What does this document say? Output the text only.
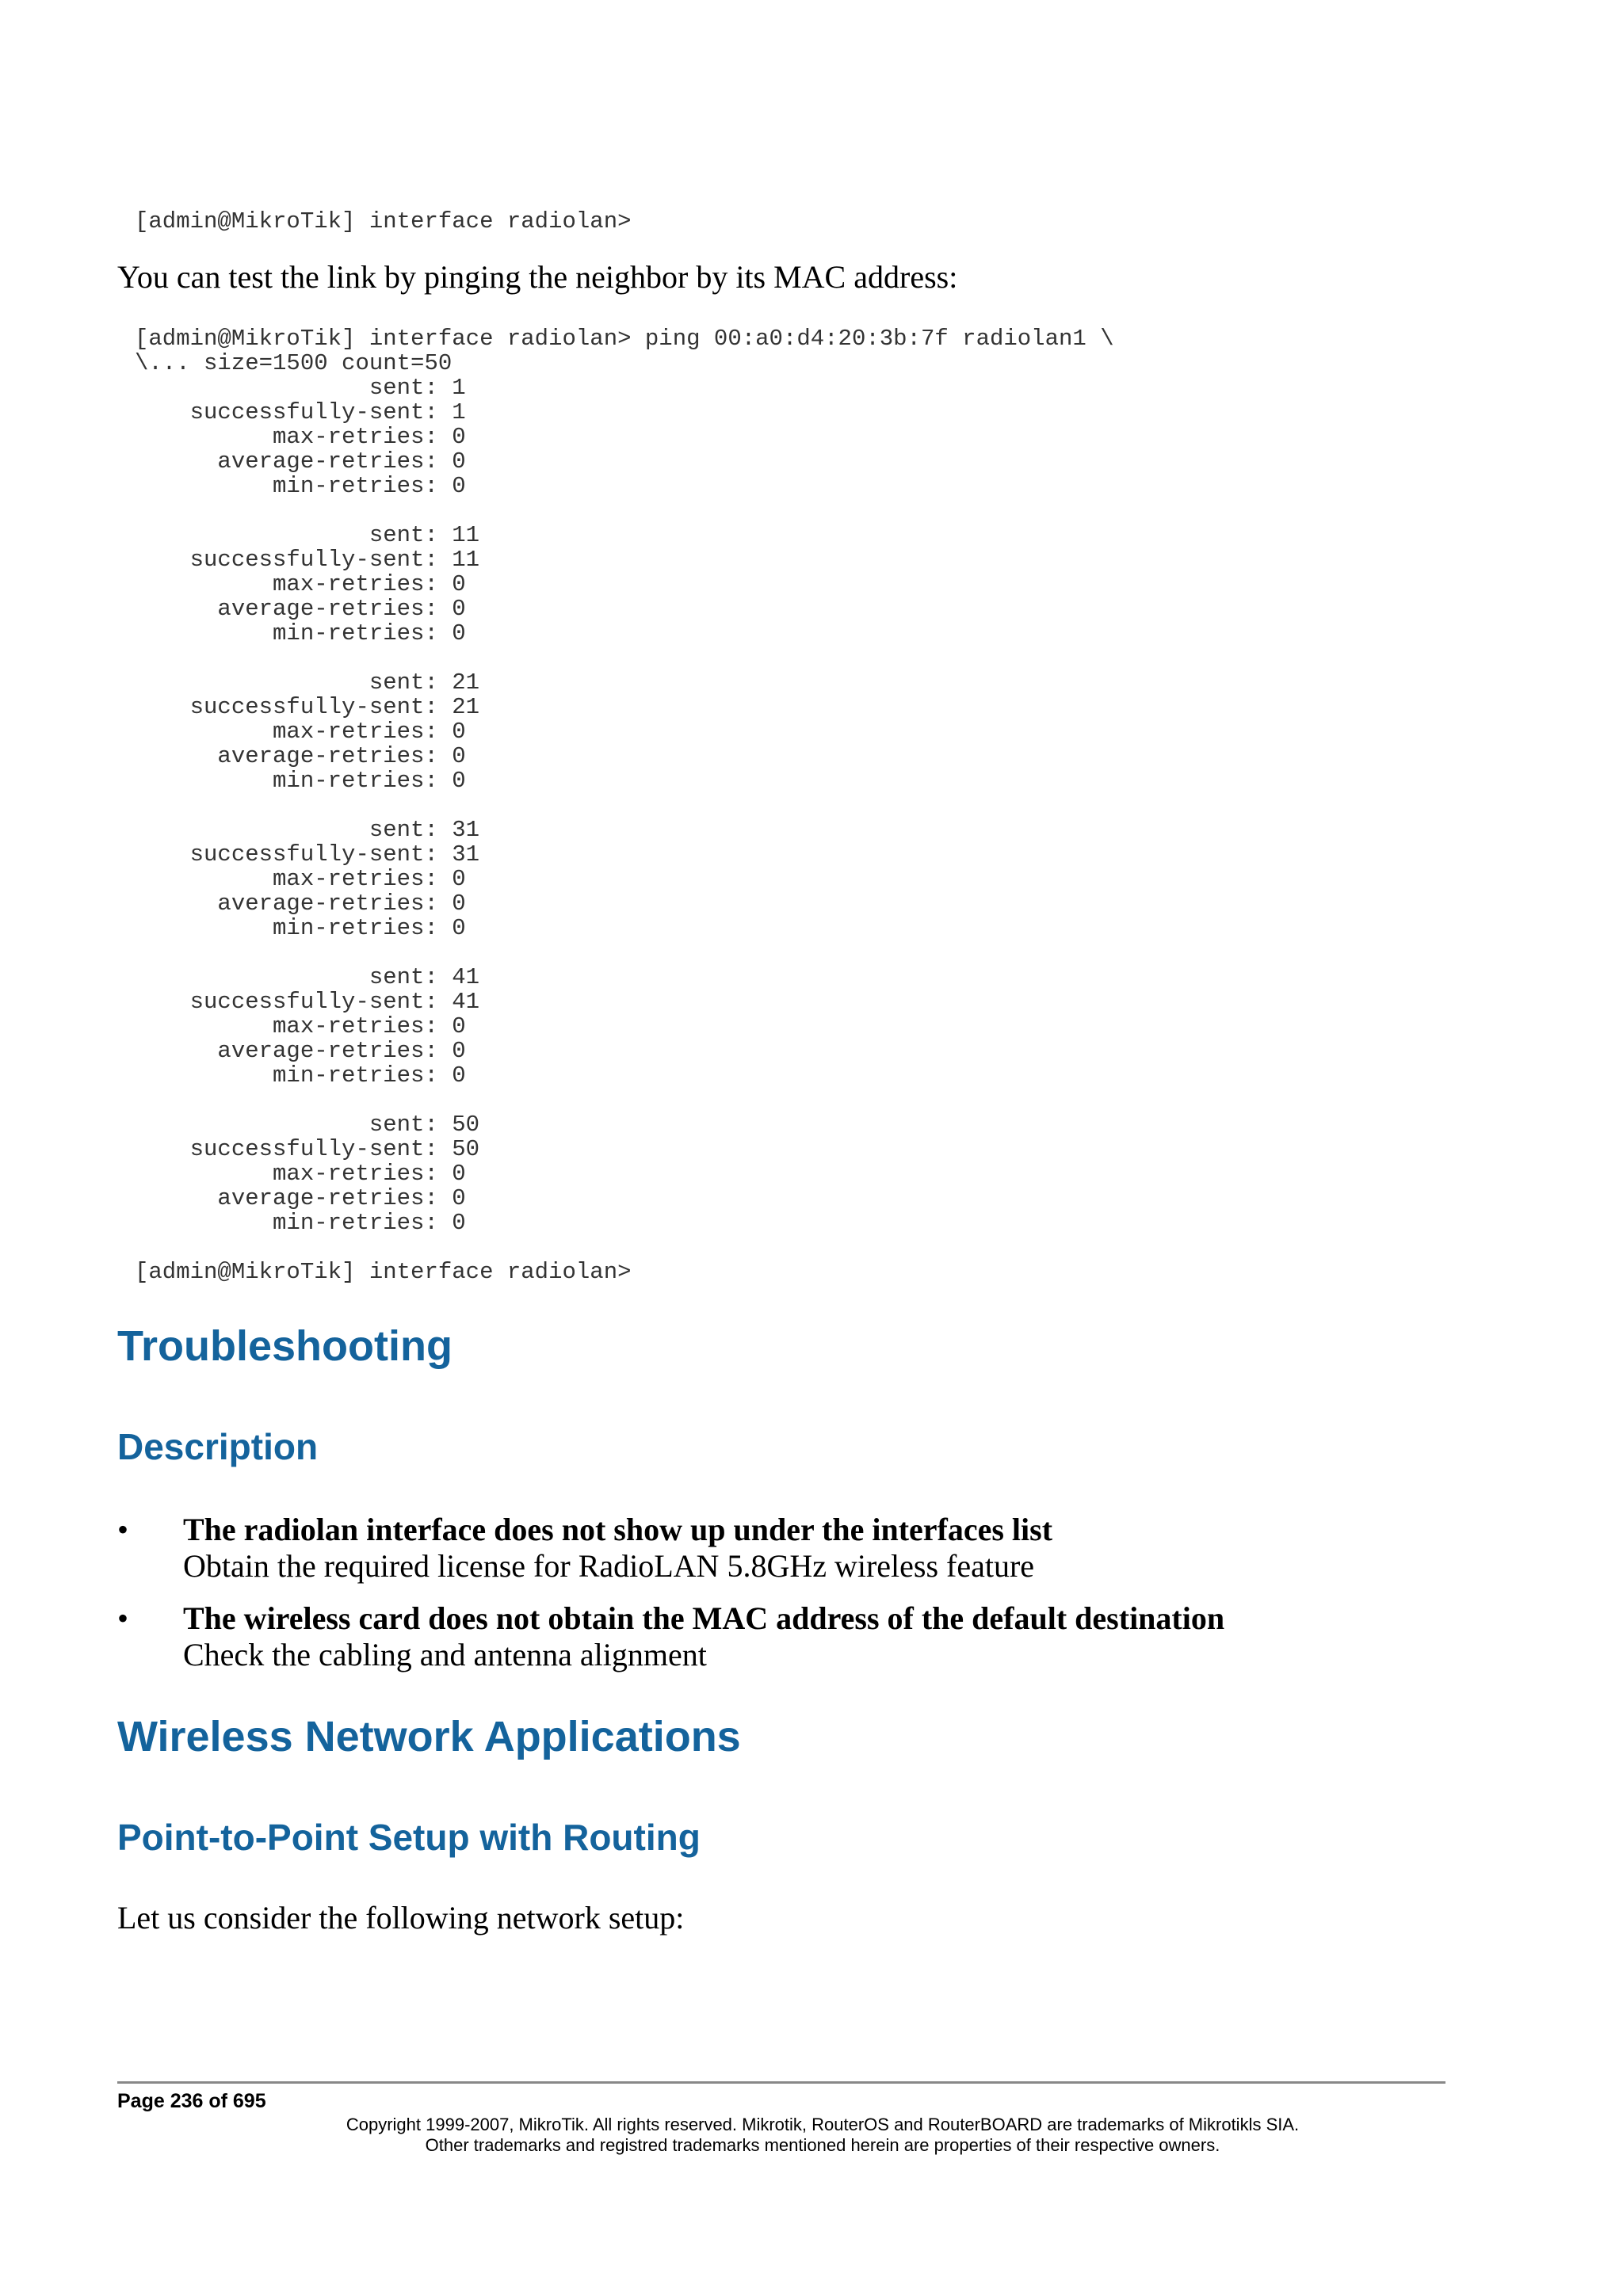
[admin@MikroTik] interface radiolan>

You can test the link by pinging the neighbor by its MAC address:

[admin@MikroTik] interface radiolan> ping 00:a0:d4:20:3b:7f radiolan1 \
\... size=1500 count=50
sent: 1
successfully-sent: 1
max-retries: 0
average-retries: 0
min-retries: 0

sent: 11
successfully-sent: 11
max-retries: 0
average-retries: 0
min-retries: 0

sent: 21
successfully-sent: 21
max-retries: 0
average-retries: 0
min-retries: 0

sent: 31
successfully-sent: 31
max-retries: 0
average-retries: 0
min-retries: 0

sent: 41
successfully-sent: 41
max-retries: 0
average-retries: 0
min-retries: 0

sent: 50
successfully-sent: 50
max-retries: 0
average-retries: 0
min-retries: 0

[admin@MikroTik] interface radiolan>
Troubleshooting
Description
• The radiolan interface does not show up under the interfaces list
Obtain the required license for RadioLAN 5.8GHz wireless feature
• The wireless card does not obtain the MAC address of the default destination
Check the cabling and antenna alignment
Wireless Network Applications
Point-to-Point Setup with Routing

Let us consider the following network setup:

Page 236 of 695

Copyright 1999-2007, MikroTik. All rights reserved. Mikrotik, RouterOS and RouterBOARD are trademarks of Mikrotikls SIA.

Other trademarks and registred trademarks mentioned herein are properties of their respective owners.
